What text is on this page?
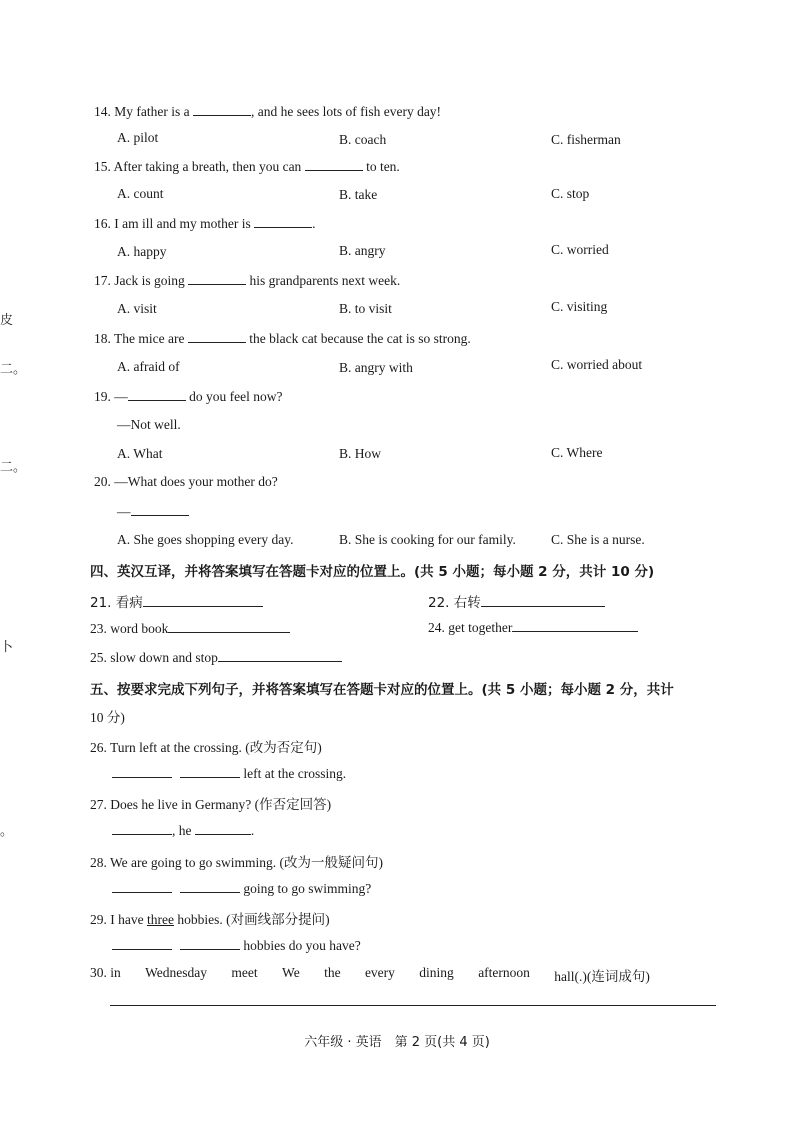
皮
二。
二。
卜
。
14. My father is a	, and he sees lots of fish every day!
A. pilot	B. coach	C. fisherman
15. After taking a breath, then you can	to ten.
A. count	B. take	C. stop
16. I am ill and my mother is	.
A. happy	B. angry	C. worried
17. Jack is going	his grandparents next week.
A. visit	B. to visit	C. visiting
18. The mice are	the black cat because the cat is so strong.
A. afraid of	B. angry with	C. worried about
19. —	do you feel now?
—Not well.
A. What	B. How	C. Where
20. —What does your mother do?
—
A. She goes shopping every day.	B. She is cooking for our family.	C. She is a nurse.
四、英汉互译，并将答案填写在答题卡对应的位置上。(共 5 小题；每小题 2 分，共计 10 分)
21. 看病	22. 右转
23. word book	24. get together
25. slow down and stop
五、按要求完成下列句子，并将答案填写在答题卡对应的位置上。(共 5 小题；每小题 2 分，共计
10 分)
26. Turn left at the crossing. (改为否定句)
left at the crossing.
27. Does he live in Germany? (作否定回答)
, he	.
28. We are going to go swimming. (改为一般疑问句)
going to go swimming?
29. I have three hobbies. (对画线部分提问)
hobbies do you have?
30. in Wednesday meet We the every dining afternoon hall(.)(连词成句)
六年级 · 英语　第 2 页(共 4 页)
